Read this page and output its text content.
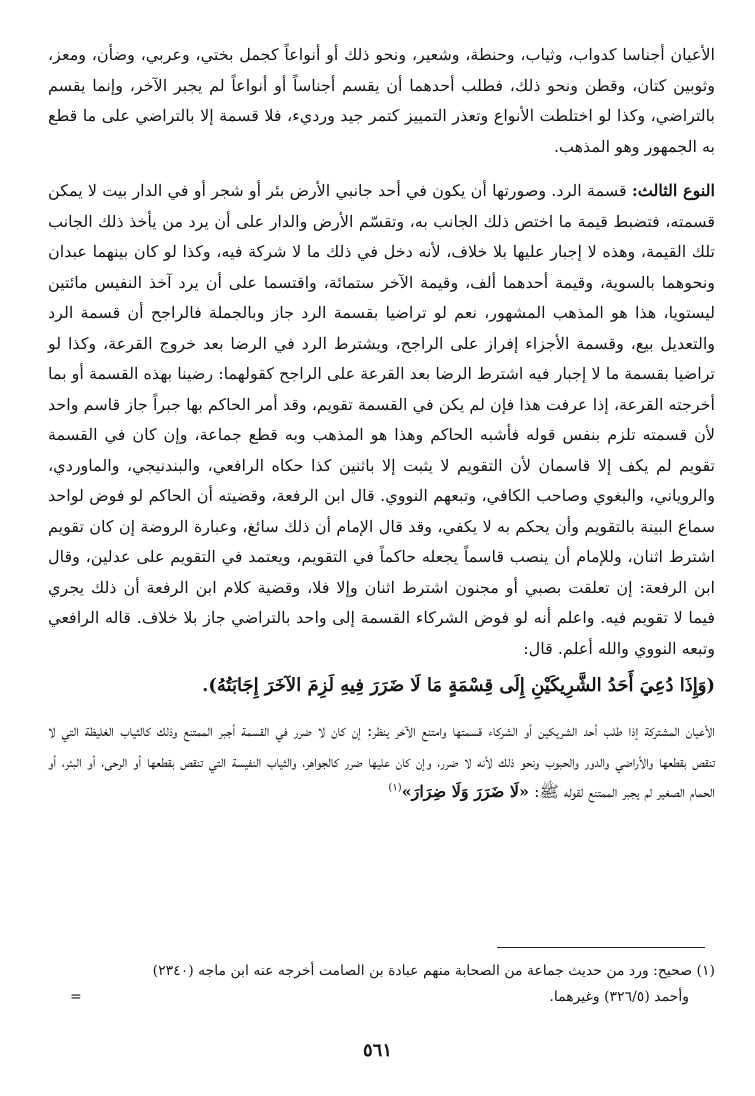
الأعيان أجناسا كدواب، وثياب، وحنطة، وشعير، ونحو ذلك أو أنواعاً كجمل بختي، وعربي، وضأن، ومعز، وثوبين كتان، وقطن ونحو ذلك، فطلب أحدهما أن يقسم أجناساً أو أنواعاً لم يجبر الآخر، وإنما يقسم بالتراضي، وكذا لو اختلطت الأنواع وتعذر التمييز كتمر جيد ورديء، فلا قسمة إلا بالتراضي على ما قطع به الجمهور وهو المذهب.

النوع الثالث: قسمة الرد. وصورتها أن يكون في أحد جانبي الأرض بئر أو شجر أو في الدار بيت لا يمكن قسمته، فتضبط قيمة ما اختص ذلك الجانب به، وتقسّم الأرض والدار على أن يرد من يأخذ ذلك الجانب تلك القيمة، وهذه لا إجبار عليها بلا خلاف، لأنه دخل في ذلك ما لا شركة فيه، وكذا لو كان بينهما عبدان ونحوهما بالسوية، وقيمة أحدهما ألف، وقيمة الآخر ستمائة، واقتسما على أن يرد آخذ النفيس مائتين ليستويا، هذا هو المذهب المشهور، نعم لو تراضيا بقسمة الرد جاز وبالجملة فالراجح أن قسمة الرد والتعديل بيع، وقسمة الأجزاء إفراز على الراجح، ويشترط الرد في الرضا بعد خروج القرعة، وكذا لو تراضيا بقسمة ما لا إجبار فيه اشترط الرضا بعد القرعة على الراجح كقولهما: رضينا بهذه القسمة أو بما أخرجته القرعة، إذا عرفت هذا فإن لم يكن في القسمة تقويم، وقد أمر الحاكم بها جبراً جاز قاسم واحد لأن قسمته تلزم بنفس قوله فأشبه الحاكم وهذا هو المذهب وبه قطع جماعة، وإن كان في القسمة تقويم لم يكف إلا قاسمان لأن التقويم لا يثبت إلا باثنين كذا حكاه الرافعي، والبندنيجي، والماوردي، والروياني، والبغوي وصاحب الكافي، وتبعهم النووي. قال ابن الرفعة، وقضيته أن الحاكم لو فوض لواحد سماع البينة بالتقويم وأن يحكم به لا يكفي، وقد قال الإمام أن ذلك سائغ، وعبارة الروضة إن كان تقويم اشترط اثنان، وللإمام أن ينصب قاسماً يجعله حاكماً في التقويم، ويعتمد في التقويم على عدلين، وقال ابن الرفعة: إن تعلقت بصبي أو مجنون اشترط اثنان وإلا فلا، وقضية كلام ابن الرفعة أن ذلك يجري فيما لا تقويم فيه. واعلم أنه لو فوض الشركاء القسمة إلى واحد بالتراضي جاز بلا خلاف. قاله الرافعي وتبعه النووي والله أعلم. قال:

(وَإِذَا دُعِيَ أَحَدُ الشَّرِيكَيْنِ إِلَى قِسْمَةٍ مَا لَا ضَرَرَ فِيهِ لَزِمَ الآخَرَ إِجَابَتُهُ).

الأعيان المشتركة إذا طلب أحد الشريكين أو الشركاء قسمتها وامتنع الآخر ينظر: إن كان لا ضرر في القسمة أجبر الممتنع وذلك كالثياب الغليظة التي لا تنقص بقطعها والأراضي والدور والحبوب ونحو ذلك لأنه لا ضرر، وإن كان عليها ضرر كالجواهر، والثياب النفيسة التي تنقص بقطعها أو الرحى، أو البئر، أو الحمام الصغير لم يجبر الممتنع لقوله ﷺ: «لَا ضَرَرَ وَلَا ضِرَارَ»$^{(١)}$

(١) صحيح: ورد من حديث جماعة من الصحابة منهم عبادة بن الصامت أخرجه عنه ابن ماجه (٢٣٤٠)

وأحمد (٣٢٦/٥) وغيرهما.
=

٥٦١
